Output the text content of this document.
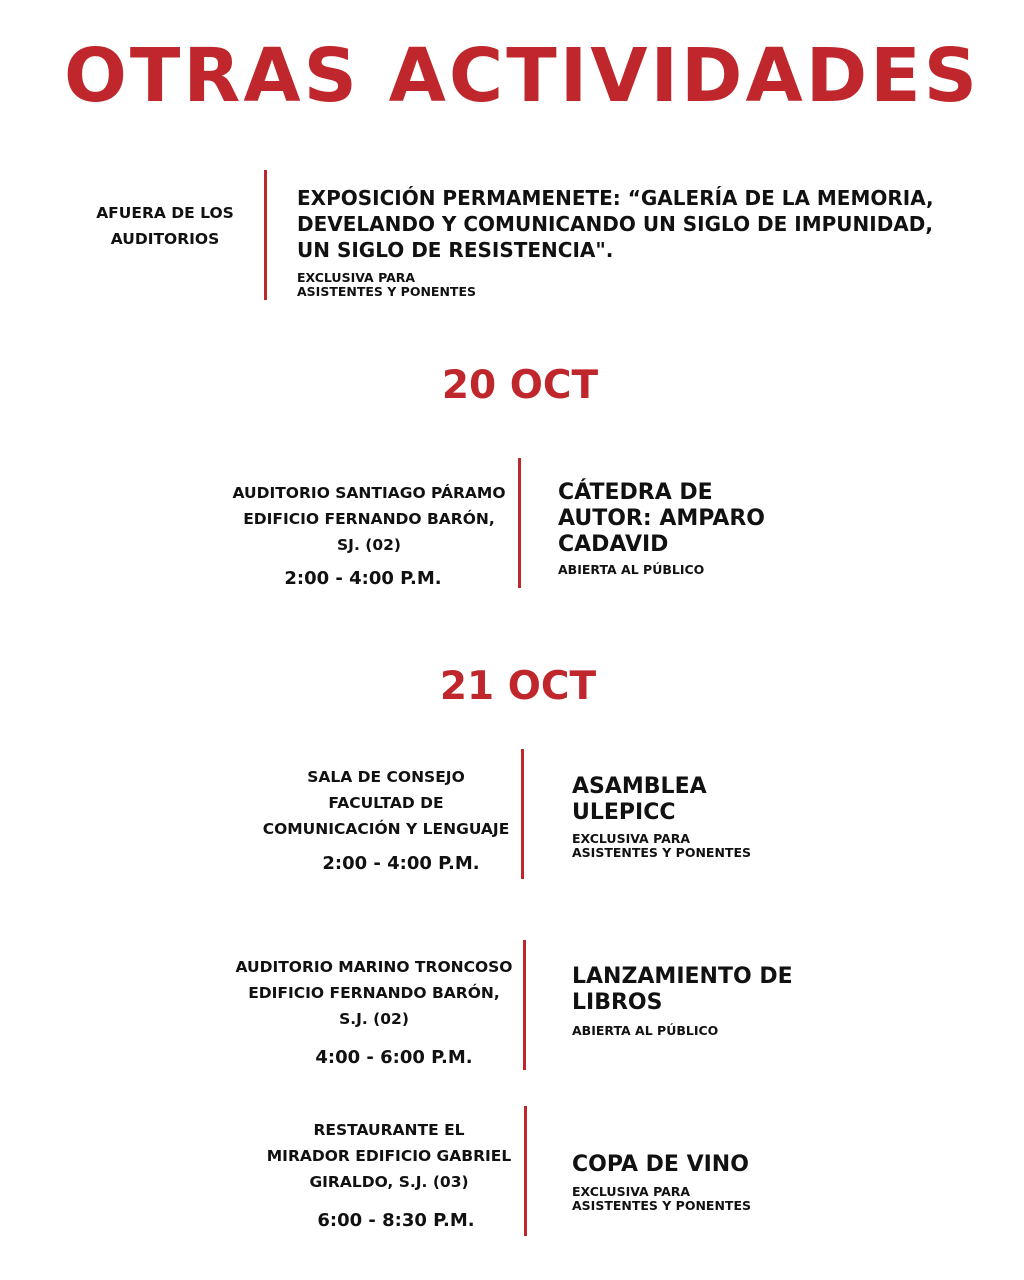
OTRAS ACTIVIDADES
AFUERA DE LOS
AUDITORIOS
EXPOSICIÓN PERMAMENETE: “GALERÍA DE LA MEMORIA,
DEVELANDO Y COMUNICANDO UN SIGLO DE IMPUNIDAD,
UN SIGLO DE RESISTENCIA".
EXCLUSIVA PARA
ASISTENTES Y PONENTES
20 OCT
AUDITORIO SANTIAGO PÁRAMO
EDIFICIO FERNANDO BARÓN,
SJ. (02)
2:00 - 4:00 P.M.
CÁTEDRA DE
AUTOR: AMPARO
CADAVID
ABIERTA AL PÚBLICO
21 OCT
SALA DE CONSEJO
FACULTAD DE
COMUNICACIÓN Y LENGUAJE
2:00 - 4:00 P.M.
ASAMBLEA
ULEPICC
EXCLUSIVA PARA
ASISTENTES Y PONENTES
AUDITORIO MARINO TRONCOSO
EDIFICIO FERNANDO BARÓN,
S.J. (02)
4:00 - 6:00 P.M.
LANZAMIENTO DE
LIBROS
ABIERTA AL PÚBLICO
RESTAURANTE EL
MIRADOR EDIFICIO GABRIEL
GIRALDO, S.J. (03)
6:00 - 8:30 P.M.
COPA DE VINO
EXCLUSIVA PARA
ASISTENTES Y PONENTES
